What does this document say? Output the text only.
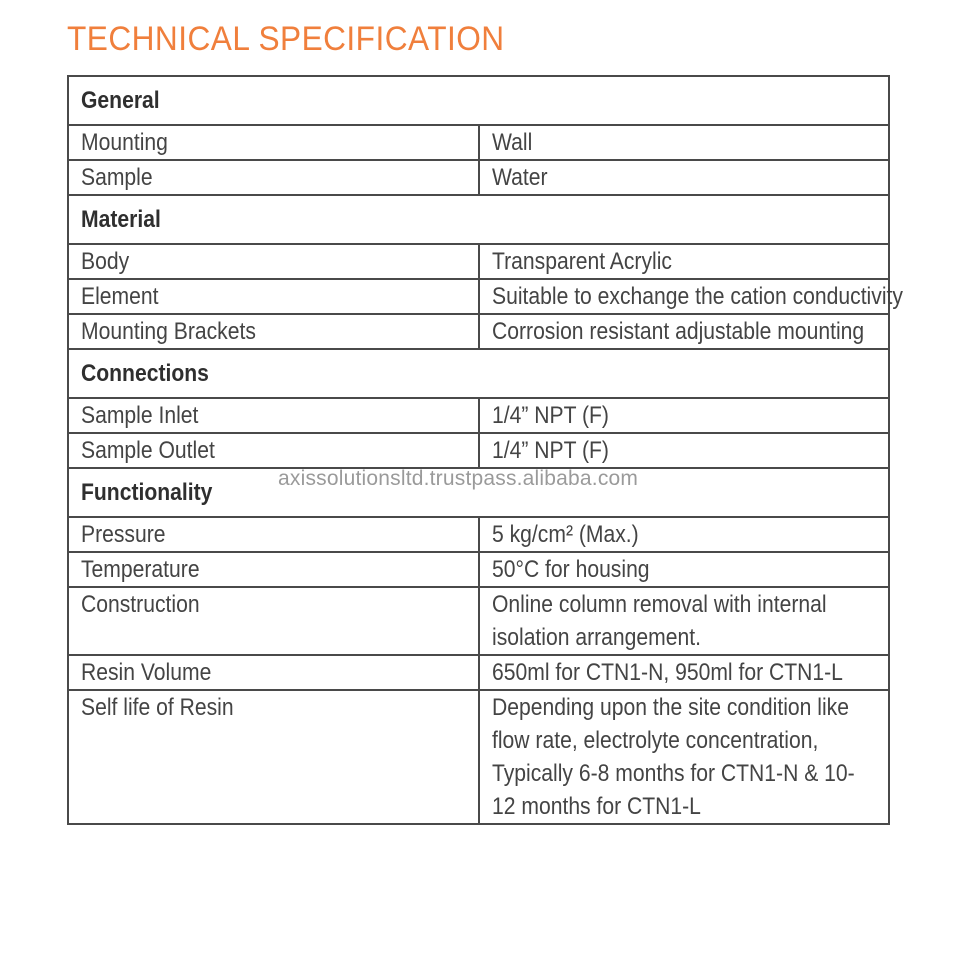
TECHNICAL SPECIFICATION
General	
Mounting	Wall
Sample	Water
Material	
Body	Transparent Acrylic
Element	Suitable to exchange the cation conductivity
Mounting Brackets	Corrosion resistant adjustable mounting
Connections	
Sample Inlet	1/4” NPT (F)
Sample Outlet	1/4” NPT (F)
Functionality	
Pressure	5 kg/cm² (Max.)
Temperature	50°C for housing
Construction	Online column removal with internal isolation arrangement.

Resin Volume	650ml for CTN1-N, 950ml for CTN1-L
Self life of Resin	Depending upon the site condition like flow rate, electrolyte concentration, Typically 6-8 months for CTN1-N & 10-12 months for CTN1-L
axissolutionsltd.trustpass.alibaba.com
